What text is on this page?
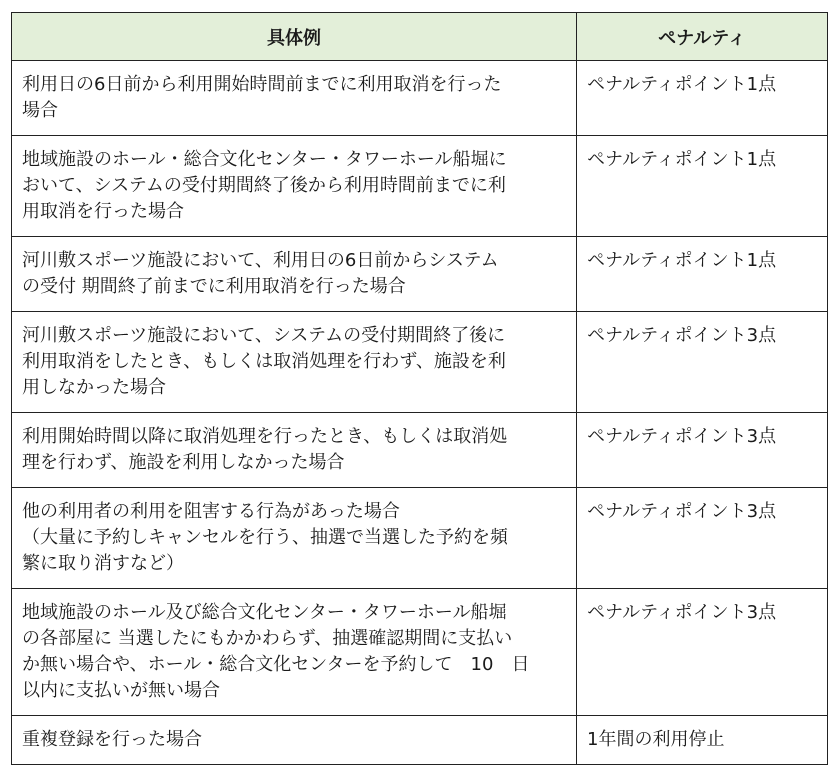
具体例	ペナルティ

利用日の6日前から利用開始時間前までに利用取消を行った
場合	ペナルティポイント1点

地域施設のホール・総合文化センター・タワーホール船堀に
おいて、システムの受付期間終了後から利用時間前までに利
用取消を行った場合	ペナルティポイント1点

河川敷スポーツ施設において、利用日の6日前からシステム
の受付 期間終了前までに利用取消を行った場合	ペナルティポイント1点

河川敷スポーツ施設において、システムの受付期間終了後に
利用取消をしたとき、もしくは取消処理を行わず、施設を利
用しなかった場合	ペナルティポイント3点

利用開始時間以降に取消処理を行ったとき、もしくは取消処
理を行わず、施設を利用しなかった場合	ペナルティポイント3点

他の利用者の利用を阻害する行為があった場合
（大量に予約しキャンセルを行う、抽選で当選した予約を頻
繁に取り消すなど）	ペナルティポイント3点

地域施設のホール及び総合文化センター・タワーホール船堀
の各部屋に 当選したにもかかわらず、抽選確認期間に支払い
か無い場合や、ホール・総合文化センターを予約して　10　日
以内に支払いが無い場合	ペナルティポイント3点

重複登録を行った場合	1年間の利用停止
